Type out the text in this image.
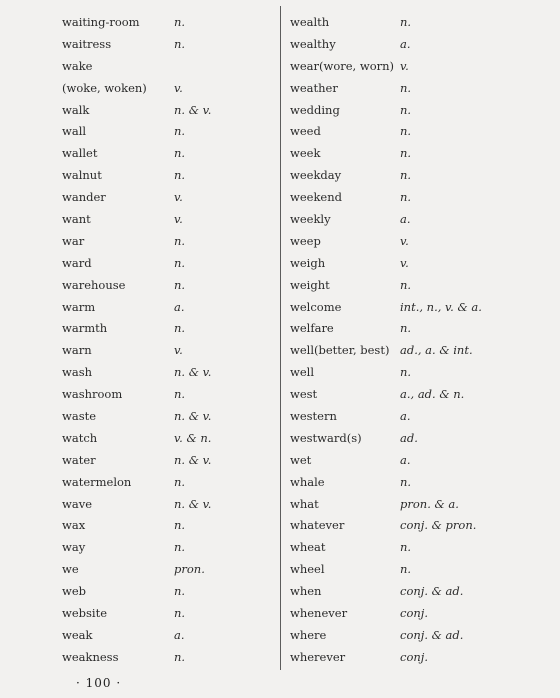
waiting-room	n.
waitress	n.
wake
(woke, woken) v.
walk	n. & v.
wall	n.
wallet	n.
walnut	n.
wander	v.
want	v.
war	n.
ward	n.
warehouse	n.
warm	a.
warmth	n.
warn	v.
wash	n. & v.
washroom	n.
waste	n. & v.
watch	v. & n.
water	n. & v.
watermelon	n.
wave	n. & v.
wax	n.
way	n.
we	pron.
web	n.
website	n.
weak	a.
weakness	n.
wealth	n.
wealthy	a.
wear(wore, worn) v.
weather	n.
wedding	n.
weed	n.
week	n.
weekday	n.
weekend	n.
weekly	a.
weep	v.
weigh	v.
weight	n.
welcome	int., n., v. & a.
welfare	n.
well(better, best) ad., a. & int.
well	n.
west	a., ad. & n.
western	a.
westward(s)	ad.
wet	a.
whale	n.
what	pron. & a.
whatever	conj. & pron.
wheat	n.
wheel	n.
when	conj. & ad.
whenever	conj.
where	conj. & ad.
wherever	conj.
· 100 ·
